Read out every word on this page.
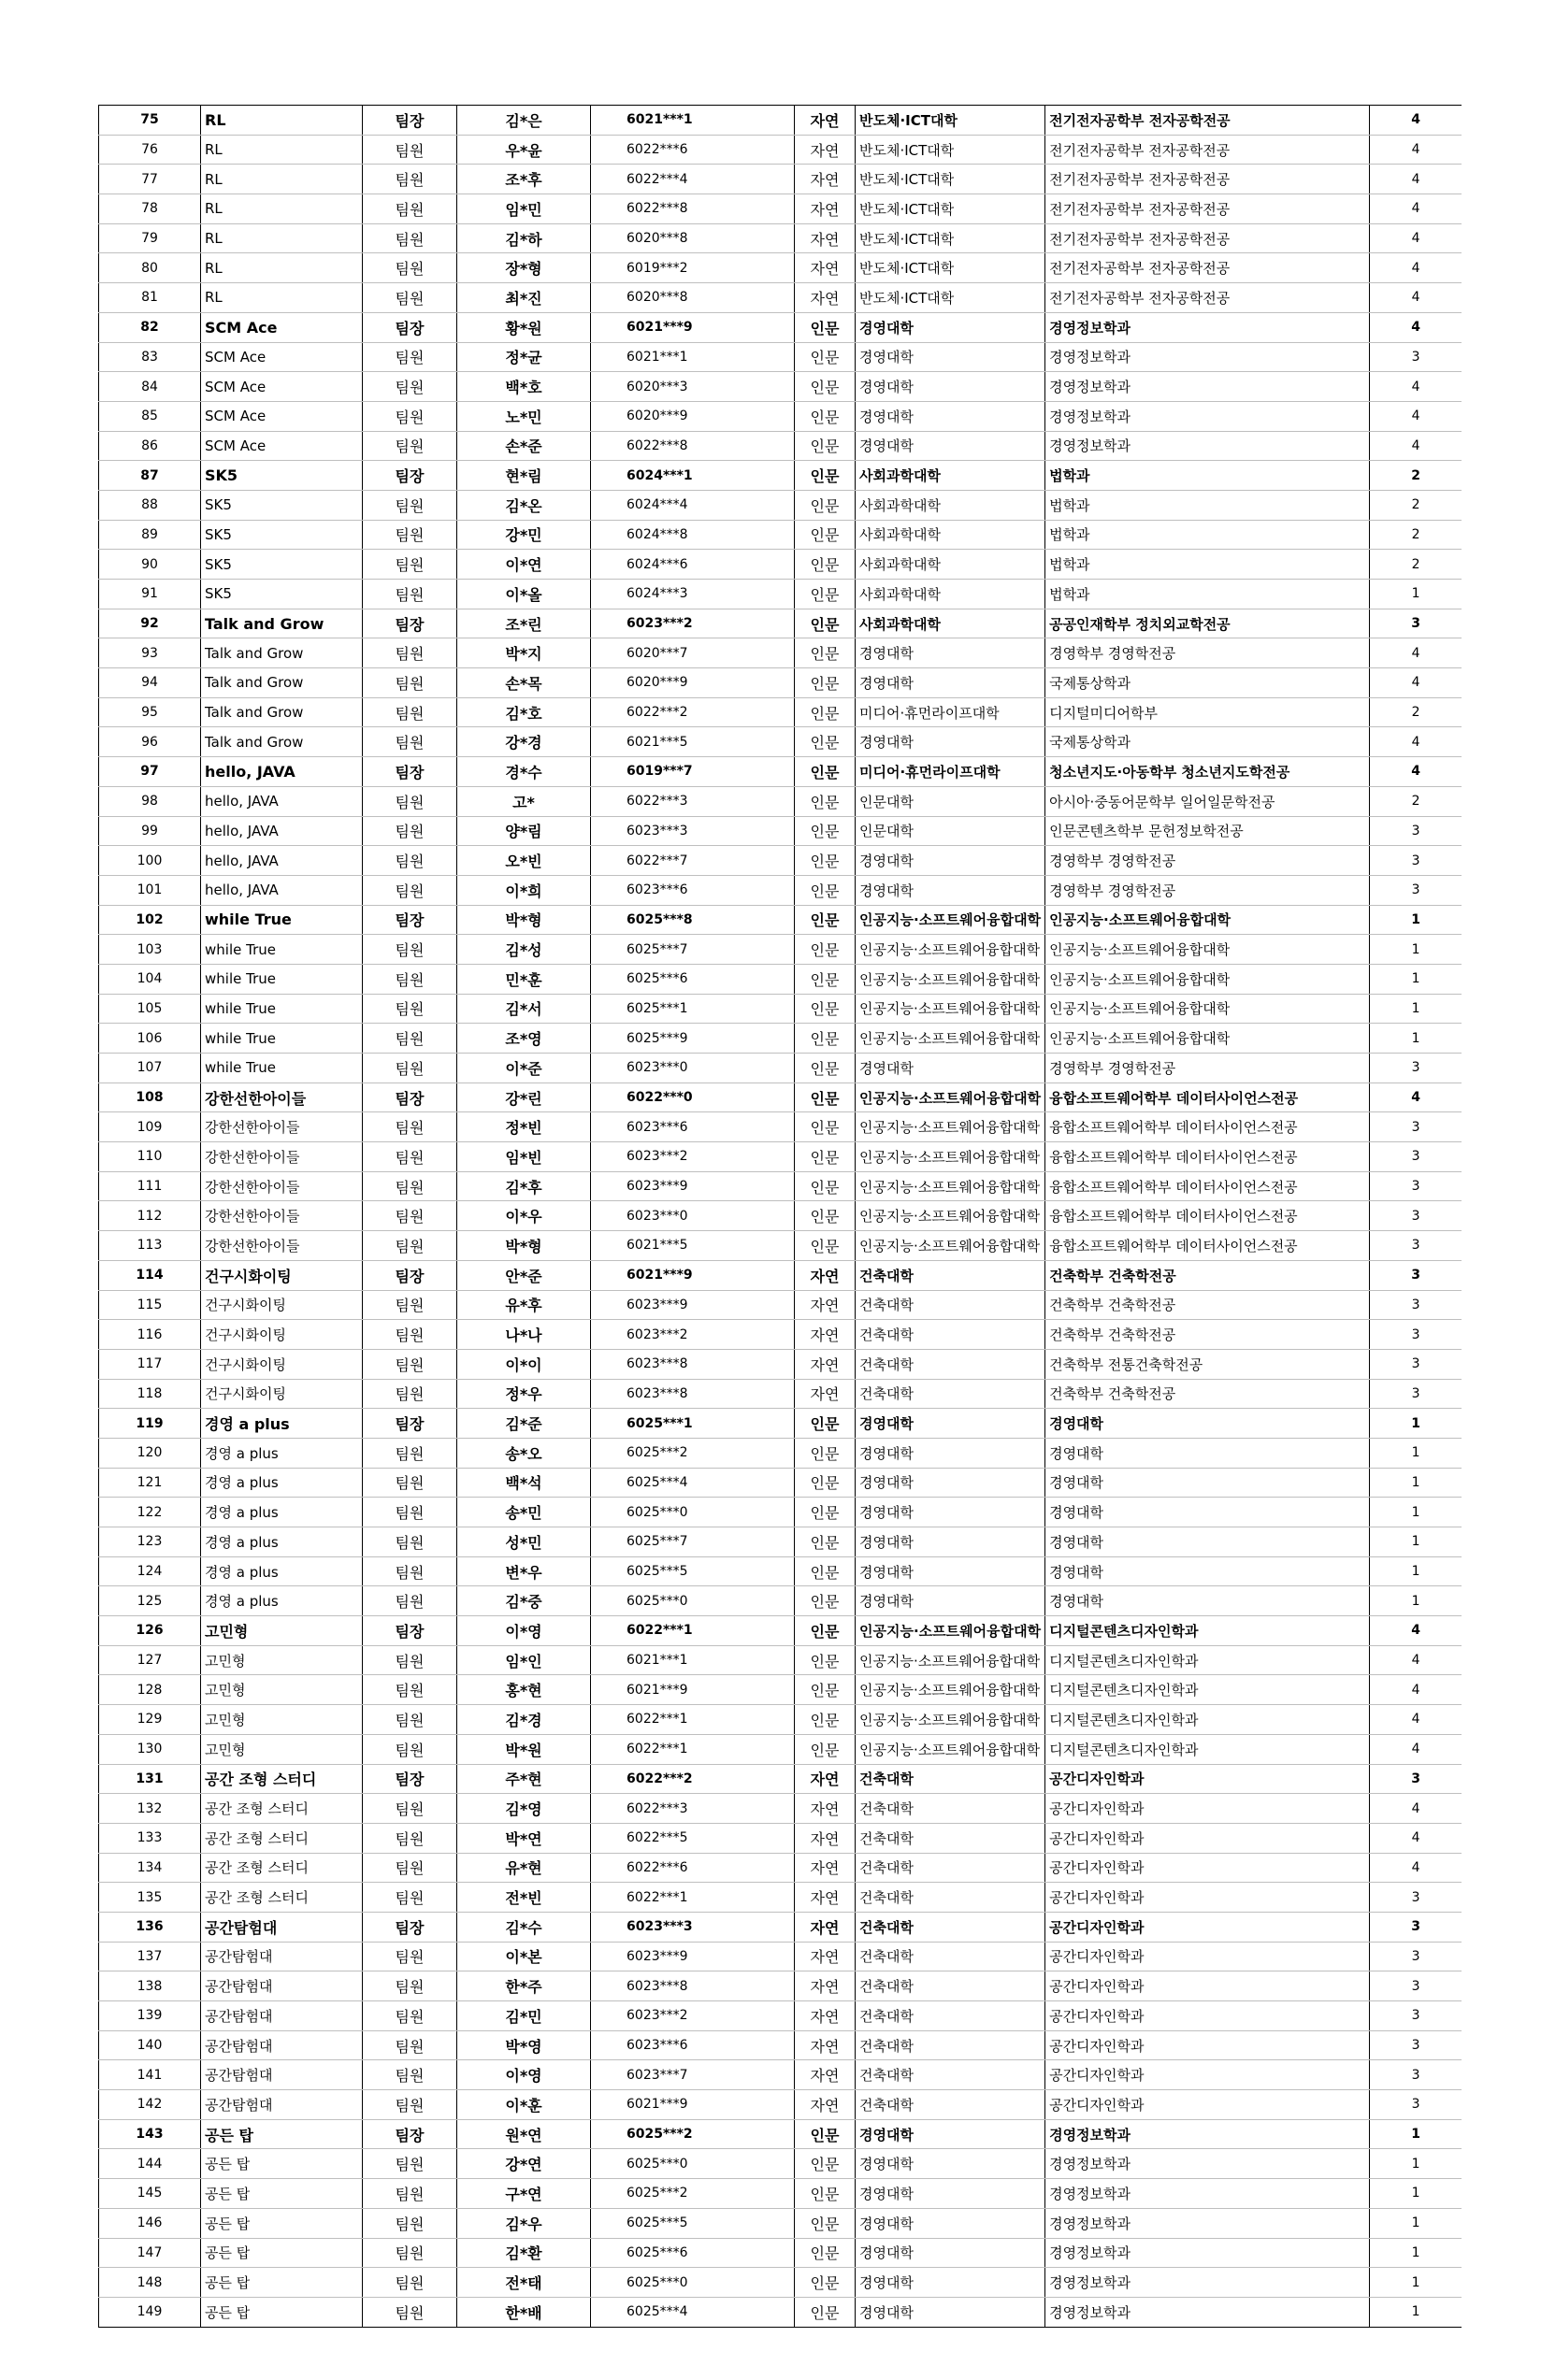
75	RL	팀장	김*은	6021***1	자연	반도체·ICT대학	전기전자공학부 전자공학전공	4
76	RL	팀원	우*윤	6022***6	자연	반도체·ICT대학	전기전자공학부 전자공학전공	4
77	RL	팀원	조*후	6022***4	자연	반도체·ICT대학	전기전자공학부 전자공학전공	4
78	RL	팀원	임*민	6022***8	자연	반도체·ICT대학	전기전자공학부 전자공학전공	4
79	RL	팀원	김*하	6020***8	자연	반도체·ICT대학	전기전자공학부 전자공학전공	4
80	RL	팀원	장*형	6019***2	자연	반도체·ICT대학	전기전자공학부 전자공학전공	4
81	RL	팀원	최*진	6020***8	자연	반도체·ICT대학	전기전자공학부 전자공학전공	4
82	SCM Ace	팀장	황*원	6021***9	인문	경영대학	경영정보학과	4
83	SCM Ace	팀원	정*균	6021***1	인문	경영대학	경영정보학과	3
84	SCM Ace	팀원	백*호	6020***3	인문	경영대학	경영정보학과	4
85	SCM Ace	팀원	노*민	6020***9	인문	경영대학	경영정보학과	4
86	SCM Ace	팀원	손*준	6022***8	인문	경영대학	경영정보학과	4
87	SK5	팀장	현*림	6024***1	인문	사회과학대학	법학과	2
88	SK5	팀원	김*온	6024***4	인문	사회과학대학	법학과	2
89	SK5	팀원	강*민	6024***8	인문	사회과학대학	법학과	2
90	SK5	팀원	이*연	6024***6	인문	사회과학대학	법학과	2
91	SK5	팀원	이*올	6024***3	인문	사회과학대학	법학과	1
92	Talk and Grow	팀장	조*린	6023***2	인문	사회과학대학	공공인재학부 정치외교학전공	3
93	Talk and Grow	팀원	박*지	6020***7	인문	경영대학	경영학부 경영학전공	4
94	Talk and Grow	팀원	손*목	6020***9	인문	경영대학	국제통상학과	4
95	Talk and Grow	팀원	김*호	6022***2	인문	미디어·휴먼라이프대학	디지털미디어학부	2
96	Talk and Grow	팀원	강*경	6021***5	인문	경영대학	국제통상학과	4
97	hello, JAVA	팀장	경*수	6019***7	인문	미디어·휴먼라이프대학	청소년지도·아동학부 청소년지도학전공	4
98	hello, JAVA	팀원	고*	6022***3	인문	인문대학	아시아·중동어문학부 일어일문학전공	2
99	hello, JAVA	팀원	양*림	6023***3	인문	인문대학	인문콘텐츠학부 문헌정보학전공	3
100	hello, JAVA	팀원	오*빈	6022***7	인문	경영대학	경영학부 경영학전공	3
101	hello, JAVA	팀원	이*희	6023***6	인문	경영대학	경영학부 경영학전공	3
102	while True	팀장	박*형	6025***8	인문	인공지능·소프트웨어융합대학	인공지능·소프트웨어융합대학	1
103	while True	팀원	김*성	6025***7	인문	인공지능·소프트웨어융합대학	인공지능·소프트웨어융합대학	1
104	while True	팀원	민*훈	6025***6	인문	인공지능·소프트웨어융합대학	인공지능·소프트웨어융합대학	1
105	while True	팀원	김*서	6025***1	인문	인공지능·소프트웨어융합대학	인공지능·소프트웨어융합대학	1
106	while True	팀원	조*영	6025***9	인문	인공지능·소프트웨어융합대학	인공지능·소프트웨어융합대학	1
107	while True	팀원	이*준	6023***0	인문	경영대학	경영학부 경영학전공	3
108	강한선한아이들	팀장	강*린	6022***0	인문	인공지능·소프트웨어융합대학	융합소프트웨어학부 데이터사이언스전공	4
109	강한선한아이들	팀원	정*빈	6023***6	인문	인공지능·소프트웨어융합대학	융합소프트웨어학부 데이터사이언스전공	3
110	강한선한아이들	팀원	임*빈	6023***2	인문	인공지능·소프트웨어융합대학	융합소프트웨어학부 데이터사이언스전공	3
111	강한선한아이들	팀원	김*후	6023***9	인문	인공지능·소프트웨어융합대학	융합소프트웨어학부 데이터사이언스전공	3
112	강한선한아이들	팀원	이*우	6023***0	인문	인공지능·소프트웨어융합대학	융합소프트웨어학부 데이터사이언스전공	3
113	강한선한아이들	팀원	박*형	6021***5	인문	인공지능·소프트웨어융합대학	융합소프트웨어학부 데이터사이언스전공	3
114	건구시화이팅	팀장	안*준	6021***9	자연	건축대학	건축학부 건축학전공	3
115	건구시화이팅	팀원	유*후	6023***9	자연	건축대학	건축학부 건축학전공	3
116	건구시화이팅	팀원	나*나	6023***2	자연	건축대학	건축학부 건축학전공	3
117	건구시화이팅	팀원	이*이	6023***8	자연	건축대학	건축학부 전통건축학전공	3
118	건구시화이팅	팀원	정*우	6023***8	자연	건축대학	건축학부 건축학전공	3
119	경영 a plus	팀장	김*준	6025***1	인문	경영대학	경영대학	1
120	경영 a plus	팀원	송*오	6025***2	인문	경영대학	경영대학	1
121	경영 a plus	팀원	백*석	6025***4	인문	경영대학	경영대학	1
122	경영 a plus	팀원	송*민	6025***0	인문	경영대학	경영대학	1
123	경영 a plus	팀원	성*민	6025***7	인문	경영대학	경영대학	1
124	경영 a plus	팀원	변*우	6025***5	인문	경영대학	경영대학	1
125	경영 a plus	팀원	김*중	6025***0	인문	경영대학	경영대학	1
126	고민형	팀장	이*영	6022***1	인문	인공지능·소프트웨어융합대학	디지털콘텐츠디자인학과	4
127	고민형	팀원	임*인	6021***1	인문	인공지능·소프트웨어융합대학	디지털콘텐츠디자인학과	4
128	고민형	팀원	홍*현	6021***9	인문	인공지능·소프트웨어융합대학	디지털콘텐츠디자인학과	4
129	고민형	팀원	김*경	6022***1	인문	인공지능·소프트웨어융합대학	디지털콘텐츠디자인학과	4
130	고민형	팀원	박*원	6022***1	인문	인공지능·소프트웨어융합대학	디지털콘텐츠디자인학과	4
131	공간 조형 스터디	팀장	주*현	6022***2	자연	건축대학	공간디자인학과	3
132	공간 조형 스터디	팀원	김*영	6022***3	자연	건축대학	공간디자인학과	4
133	공간 조형 스터디	팀원	박*연	6022***5	자연	건축대학	공간디자인학과	4
134	공간 조형 스터디	팀원	유*현	6022***6	자연	건축대학	공간디자인학과	4
135	공간 조형 스터디	팀원	전*빈	6022***1	자연	건축대학	공간디자인학과	3
136	공간탐험대	팀장	김*수	6023***3	자연	건축대학	공간디자인학과	3
137	공간탐험대	팀원	이*본	6023***9	자연	건축대학	공간디자인학과	3
138	공간탐험대	팀원	한*주	6023***8	자연	건축대학	공간디자인학과	3
139	공간탐험대	팀원	김*민	6023***2	자연	건축대학	공간디자인학과	3
140	공간탐험대	팀원	박*영	6023***6	자연	건축대학	공간디자인학과	3
141	공간탐험대	팀원	이*영	6023***7	자연	건축대학	공간디자인학과	3
142	공간탐험대	팀원	이*훈	6021***9	자연	건축대학	공간디자인학과	3
143	공든 탑	팀장	원*연	6025***2	인문	경영대학	경영정보학과	1
144	공든 탑	팀원	강*연	6025***0	인문	경영대학	경영정보학과	1
145	공든 탑	팀원	구*연	6025***2	인문	경영대학	경영정보학과	1
146	공든 탑	팀원	김*우	6025***5	인문	경영대학	경영정보학과	1
147	공든 탑	팀원	김*환	6025***6	인문	경영대학	경영정보학과	1
148	공든 탑	팀원	전*태	6025***0	인문	경영대학	경영정보학과	1
149	공든 탑	팀원	한*배	6025***4	인문	경영대학	경영정보학과	1
